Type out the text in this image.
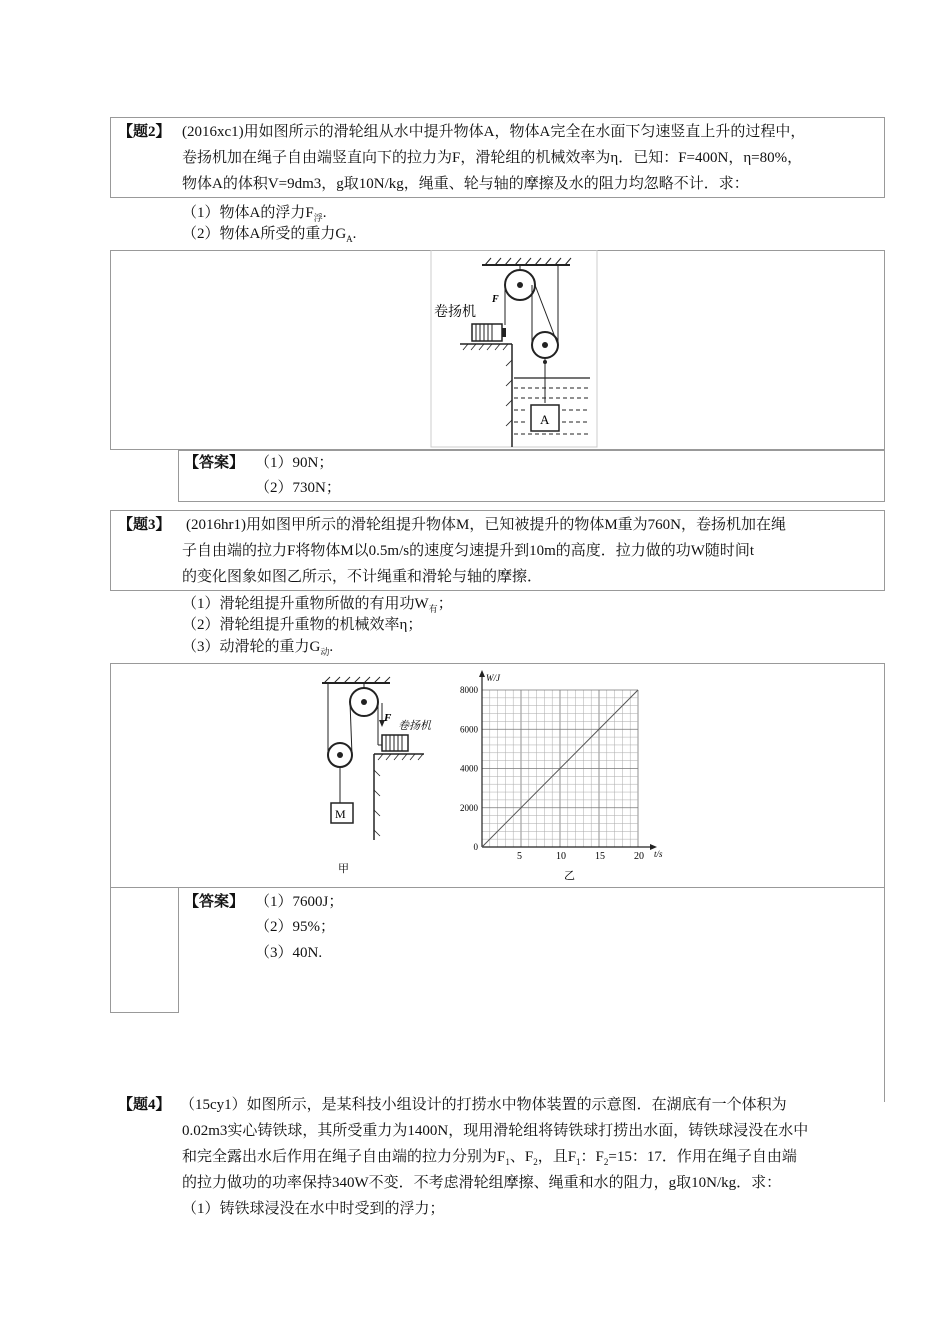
【题2】 (2016xc1)用如图所示的滑轮组从水中提升物体A，物体A完全在水面下匀速竖直上升的过程中，
卷扬机加在绳子自由端竖直向下的拉力为F，滑轮组的机械效率为η．已知：F=400N，η=80%，
物体A的体积V=9dm3，g取10N/kg，绳重、轮与轴的摩擦及水的阻力均忽略不计．求：
（1）物体A的浮力$F_浮$.
（2）物体A所受的重力$G_A$.
F
卷扬机
A
【答案】 （1）90N；
（2）730N；
【题3】 (2016hr1)用如图甲所示的滑轮组提升物体M，已知被提升的物体M重为760N，卷扬机加在绳
子自由端的拉力F将物体M以0.5m/s的速度匀速提升到10m的高度．拉力做的功W随时间t
的变化图象如图乙所示，不计绳重和滑轮与轴的摩擦．
（1）滑轮组提升重物所做的有用功$W_有$；
（2）滑轮组提升重物的机械效率η；
（3）动滑轮的重力$G_动$.
F
卷扬机
M
甲
5	10	15	20
0
2000
4000
6000
8000
W/J
t/s
乙
【答案】 （1）7600J；
（2）95%；
（3）40N.
【题4】 （15cy1）如图所示，是某科技小组设计的打捞水中物体装置的示意图．在湖底有一个体积为
0.02m3实心铸铁球，其所受重力为1400N，现用滑轮组将铸铁球打捞出水面，铸铁球浸没在水中
和完全露出水后作用在绳子自由端的拉力分别为$F_1$、$F_2$，且$F_1$：$F_2=15$：17．作用在绳子自由端
的拉力做功的功率保持340W不变．不考虑滑轮组摩擦、绳重和水的阻力，g取10N/kg．求：
（1）铸铁球浸没在水中时受到的浮力；
